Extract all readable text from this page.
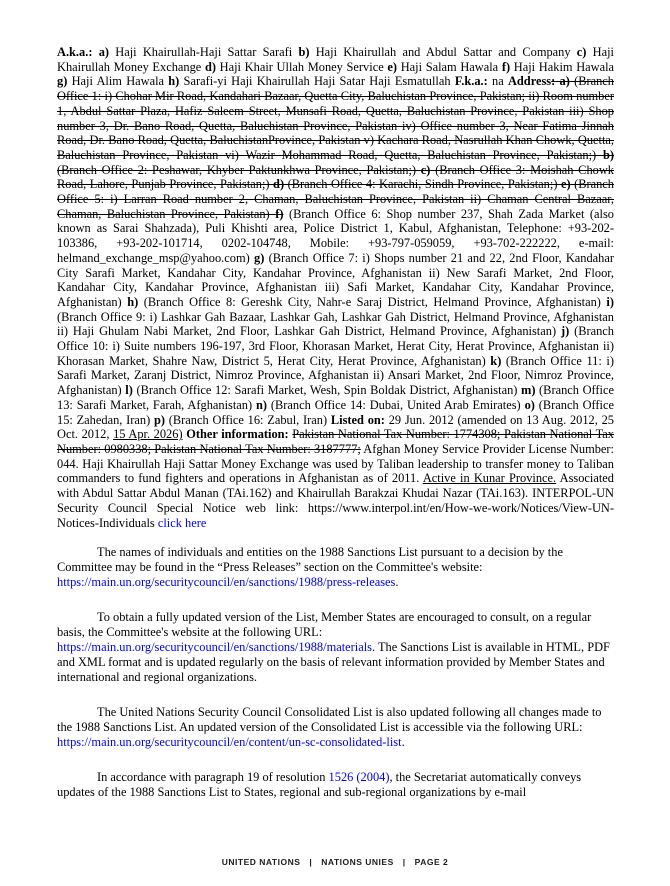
A.k.a.: a) Haji Khairullah-Haji Sattar Sarafi b) Haji Khairullah and Abdul Sattar and Company c) Haji Khairullah Money Exchange d) Haji Khair Ullah Money Service e) Haji Salam Hawala f) Haji Hakim Hawala g) Haji Alim Hawala h) Sarafi-yi Haji Khairullah Haji Satar Haji Esmatullah F.k.a.: na Address: a) (Branch Office 1: i) Chohar Mir Road, Kandahari Bazaar, Quetta City, Baluchistan Province, Pakistan; ii) Room number 1, Abdul Sattar Plaza, Hafiz Saleem Street, Munsafi Road, Quetta, Baluchistan Province, Pakistan iii) Shop number 3, Dr. Bano Road, Quetta, Baluchistan Province, Pakistan iv) Office number 3, Near Fatima Jinnah Road, Dr. Bano Road, Quetta, BaluchistanProvince, Pakistan v) Kachara Road, Nasrullah Khan Chowk, Quetta, Baluchistan Province, Pakistan vi) Wazir Mohammad Road, Quetta, Baluchistan Province, Pakistan;) b) (Branch Office 2: Peshawar, Khyber Paktunkhwa Province, Pakistan;) c) (Branch Office 3: Moishah Chowk Road, Lahore, Punjab Province, Pakistan;) d) (Branch Office 4: Karachi, Sindh Province, Pakistan;) e) (Branch Office 5: i) Larran Road number 2, Chaman, Baluchistan Province, Pakistan ii) Chaman Central Bazaar, Chaman, Baluchistan Province, Pakistan) f) (Branch Office 6: Shop number 237, Shah Zada Market (also known as Sarai Shahzada), Puli Khishti area, Police District 1, Kabul, Afghanistan, Telephone: +93-202-103386, +93-202-101714, 0202-104748, Mobile: +93-797-059059, +93-702-222222, e-mail: helmand_exchange_msp@yahoo.com) g) (Branch Office 7: i) Shops number 21 and 22, 2nd Floor, Kandahar City Sarafi Market, Kandahar City, Kandahar Province, Afghanistan ii) New Sarafi Market, 2nd Floor, Kandahar City, Kandahar Province, Afghanistan iii) Safi Market, Kandahar City, Kandahar Province, Afghanistan) h) (Branch Office 8: Gereshk City, Nahr-e Saraj District, Helmand Province, Afghanistan) i) (Branch Office 9: i) Lashkar Gah Bazaar, Lashkar Gah, Lashkar Gah District, Helmand Province, Afghanistan ii) Haji Ghulam Nabi Market, 2nd Floor, Lashkar Gah District, Helmand Province, Afghanistan) j) (Branch Office 10: i) Suite numbers 196-197, 3rd Floor, Khorasan Market, Herat City, Herat Province, Afghanistan ii) Khorasan Market, Shahre Naw, District 5, Herat City, Herat Province, Afghanistan) k) (Branch Office 11: i) Sarafi Market, Zaranj District, Nimroz Province, Afghanistan ii) Ansari Market, 2nd Floor, Nimroz Province, Afghanistan) l) (Branch Office 12: Sarafi Market, Wesh, Spin Boldak District, Afghanistan) m) (Branch Office 13: Sarafi Market, Farah, Afghanistan) n) (Branch Office 14: Dubai, United Arab Emirates) o) (Branch Office 15: Zahedan, Iran) p) (Branch Office 16: Zabul, Iran) Listed on: 29 Jun. 2012 (amended on 13 Aug. 2012, 25 Oct. 2012, 15 Apr. 2026) Other information: Pakistan National Tax Number: 1774308; Pakistan National Tax Number: 0980338; Pakistan National Tax Number: 3187777; Afghan Money Service Provider License Number: 044. Haji Khairullah Haji Sattar Money Exchange was used by Taliban leadership to transfer money to Taliban commanders to fund fighters and operations in Afghanistan as of 2011. Active in Kunar Province. Associated with Abdul Sattar Abdul Manan (TAi.162) and Khairullah Barakzai Khudai Nazar (TAi.163). INTERPOL-UN Security Council Special Notice web link: https://www.interpol.int/en/How-we-work/Notices/View-UN-Notices-Individuals click here

The names of individuals and entities on the 1988 Sanctions List pursuant to a decision by the Committee may be found in the “Press Releases” section on the Committee's website: https://main.un.org/securitycouncil/en/sanctions/1988/press-releases.

To obtain a fully updated version of the List, Member States are encouraged to consult, on a regular basis, the Committee's website at the following URL: https://main.un.org/securitycouncil/en/sanctions/1988/materials. The Sanctions List is available in HTML, PDF and XML format and is updated regularly on the basis of relevant information provided by Member States and international and regional organizations.

The United Nations Security Council Consolidated List is also updated following all changes made to the 1988 Sanctions List. An updated version of the Consolidated List is accessible via the following URL: https://main.un.org/securitycouncil/en/content/un-sc-consolidated-list.

In accordance with paragraph 19 of resolution 1526 (2004), the Secretariat automatically conveys updates of the 1988 Sanctions List to States, regional and sub-regional organizations by e-mail

UNITED NATIONS | NATIONS UNIES | PAGE 2
